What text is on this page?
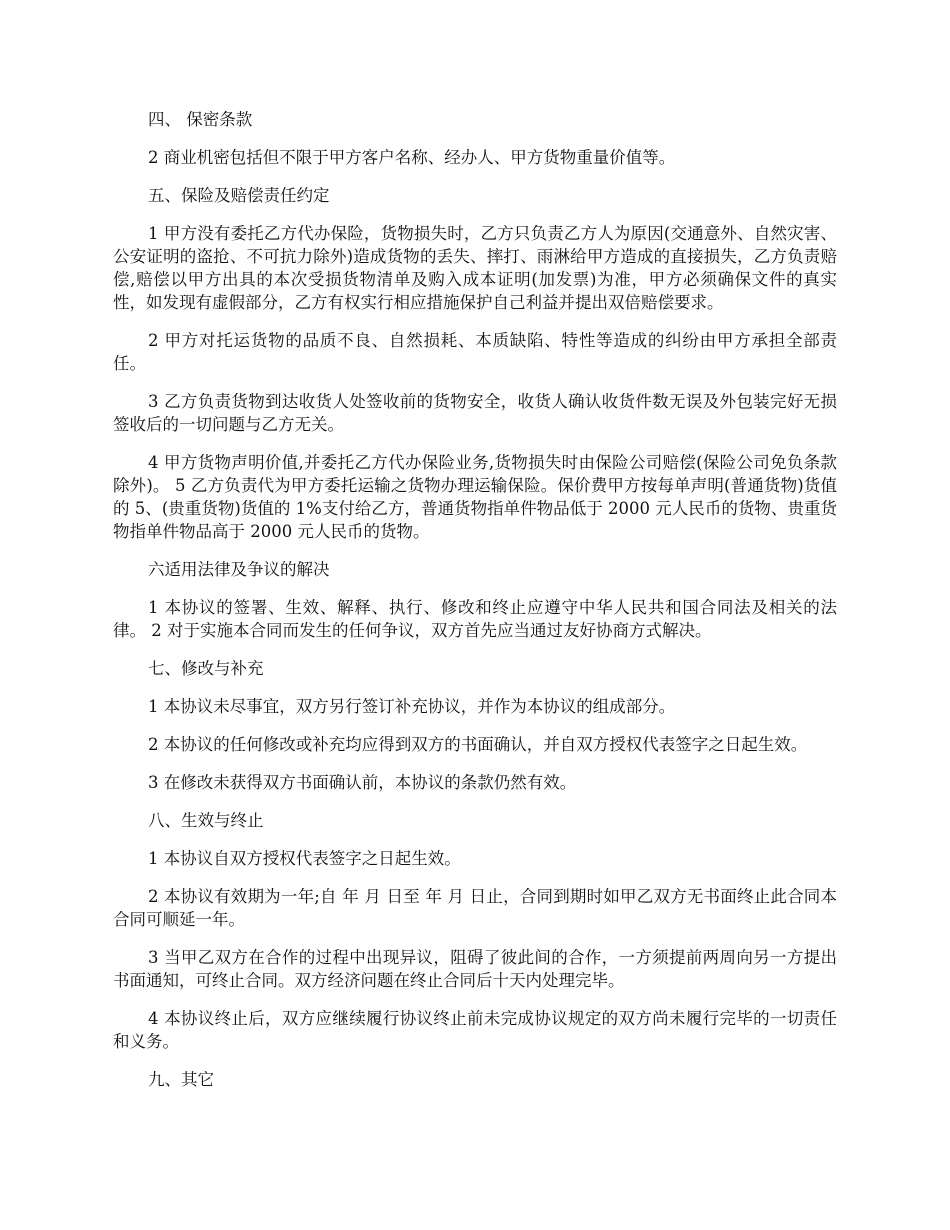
四、 保密条款

2 商业机密包括但不限于甲方客户名称、经办人、甲方货物重量价值等。

五、保险及赔偿责任约定

1 甲方没有委托乙方代办保险，货物损失时，乙方只负责乙方人为原因(交通意外、自然灾害、公安证明的盗抢、不可抗力除外)造成货物的丢失、摔打、雨淋给甲方造成的直接损失，乙方负责赔偿,赔偿以甲方出具的本次受损货物清单及购入成本证明(加发票)为准，甲方必须确保文件的真实性，如发现有虚假部分，乙方有权实行相应措施保护自己利益并提出双倍赔偿要求。

2 甲方对托运货物的品质不良、自然损耗、本质缺陷、特性等造成的纠纷由甲方承担全部责任。

3 乙方负责货物到达收货人处签收前的货物安全，收货人确认收货件数无误及外包装完好无损签收后的一切问题与乙方无关。

4 甲方货物声明价值,并委托乙方代办保险业务,货物损失时由保险公司赔偿(保险公司免负条款除外)。 5 乙方负责代为甲方委托运输之货物办理运输保险。保价费甲方按每单声明(普通货物)货值的 5、(贵重货物)货值的 1%支付给乙方，普通货物指单件物品低于 2000 元人民币的货物、贵重货物指单件物品高于 2000 元人民币的货物。

六适用法律及争议的解决

1 本协议的签署、生效、解释、执行、修改和终止应遵守中华人民共和国合同法及相关的法律。 2 对于实施本合同而发生的任何争议，双方首先应当通过友好协商方式解决。

七、修改与补充

1 本协议未尽事宜，双方另行签订补充协议，并作为本协议的组成部分。

2 本协议的任何修改或补充均应得到双方的书面确认，并自双方授权代表签字之日起生效。

3 在修改未获得双方书面确认前，本协议的条款仍然有效。

八、生效与终止

1 本协议自双方授权代表签字之日起生效。

2 本协议有效期为一年;自 年 月 日至 年 月 日止，合同到期时如甲乙双方无书面终止此合同本合同可顺延一年。

3 当甲乙双方在合作的过程中出现异议，阻碍了彼此间的合作，一方须提前两周向另一方提出书面通知，可终止合同。双方经济问题在终止合同后十天内处理完毕。

4 本协议终止后，双方应继续履行协议终止前未完成协议规定的双方尚未履行完毕的一切责任和义务。

九、其它
